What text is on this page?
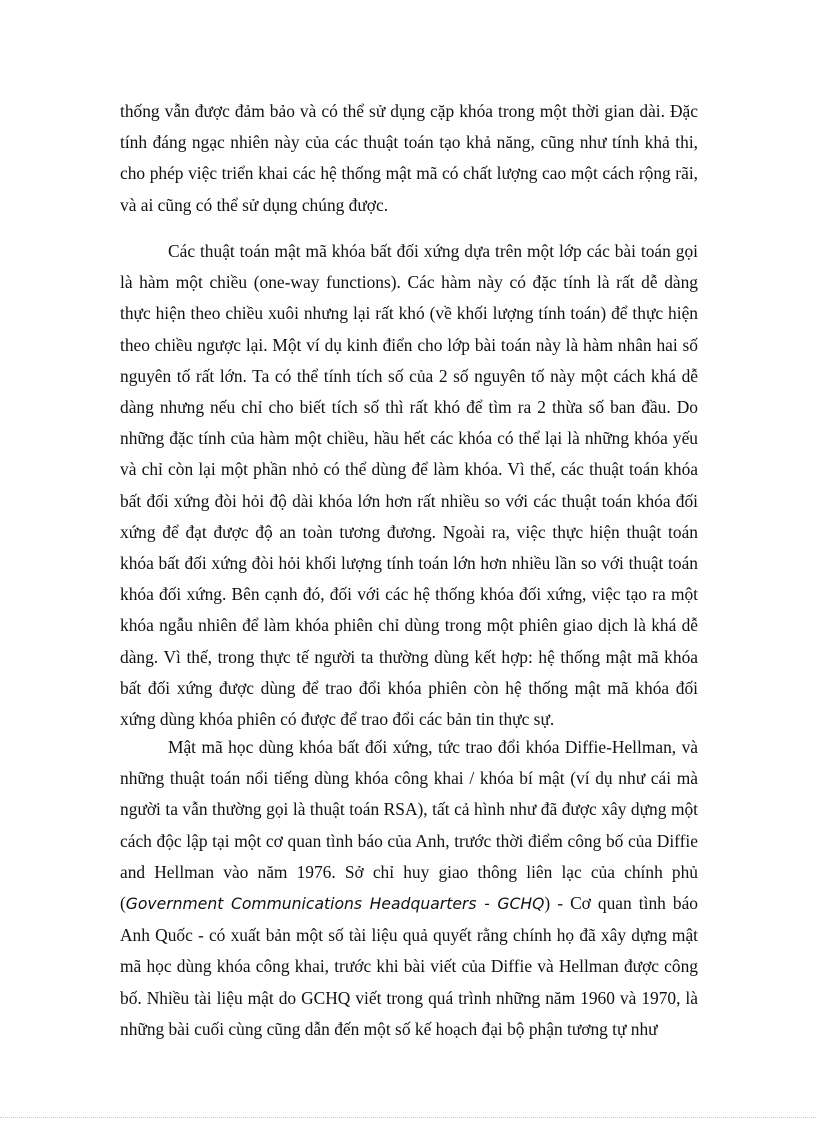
thống vẫn được đảm bảo và có thể sử dụng cặp khóa trong một thời gian dài. Đặc tính đáng ngạc nhiên này của các thuật toán tạo khả năng, cũng như tính khả thi, cho phép việc triển khai các hệ thống mật mã có chất lượng cao một cách rộng rãi, và ai cũng có thể sử dụng chúng được.

Các thuật toán mật mã khóa bất đối xứng dựa trên một lớp các bài toán gọi là hàm một chiều (one-way functions). Các hàm này có đặc tính là rất dễ dàng thực hiện theo chiều xuôi nhưng lại rất khó (về khối lượng tính toán) để thực hiện theo chiều ngược lại. Một ví dụ kinh điển cho lớp bài toán này là hàm nhân hai số nguyên tố rất lớn. Ta có thể tính tích số của 2 số nguyên tố này một cách khá dễ dàng nhưng nếu chỉ cho biết tích số thì rất khó để tìm ra 2 thừa số ban đầu. Do những đặc tính của hàm một chiều, hầu hết các khóa có thể lại là những khóa yếu và chỉ còn lại một phần nhỏ có thể dùng để làm khóa. Vì thế, các thuật toán khóa bất đối xứng đòi hỏi độ dài khóa lớn hơn rất nhiều so với các thuật toán khóa đối xứng để đạt được độ an toàn tương đương. Ngoài ra, việc thực hiện thuật toán khóa bất đối xứng đòi hỏi khối lượng tính toán lớn hơn nhiều lần so với thuật toán khóa đối xứng. Bên cạnh đó, đối với các hệ thống khóa đối xứng, việc tạo ra một khóa ngẫu nhiên để làm khóa phiên chỉ dùng trong một phiên giao dịch là khá dễ dàng. Vì thế, trong thực tế người ta thường dùng kết hợp: hệ thống mật mã khóa bất đối xứng được dùng để trao đổi khóa phiên còn hệ thống mật mã khóa đối xứng dùng khóa phiên có được để trao đổi các bản tin thực sự.

Mật mã học dùng khóa bất đối xứng, tức trao đổi khóa Diffie-Hellman, và những thuật toán nổi tiếng dùng khóa công khai / khóa bí mật (ví dụ như cái mà người ta vẫn thường gọi là thuật toán RSA), tất cả hình như đã được xây dựng một cách độc lập tại một cơ quan tình báo của Anh, trước thời điểm công bố của Diffie and Hellman vào năm 1976. Sở chỉ huy giao thông liên lạc của chính phủ (Government Communications Headquarters - GCHQ) - Cơ quan tình báo Anh Quốc - có xuất bản một số tài liệu quả quyết rằng chính họ đã xây dựng mật mã học dùng khóa công khai, trước khi bài viết của Diffie và Hellman được công bố. Nhiều tài liệu mật do GCHQ viết trong quá trình những năm 1960 và 1970, là những bài cuối cùng cũng dẫn đến một số kế hoạch đại bộ phận tương tự như
